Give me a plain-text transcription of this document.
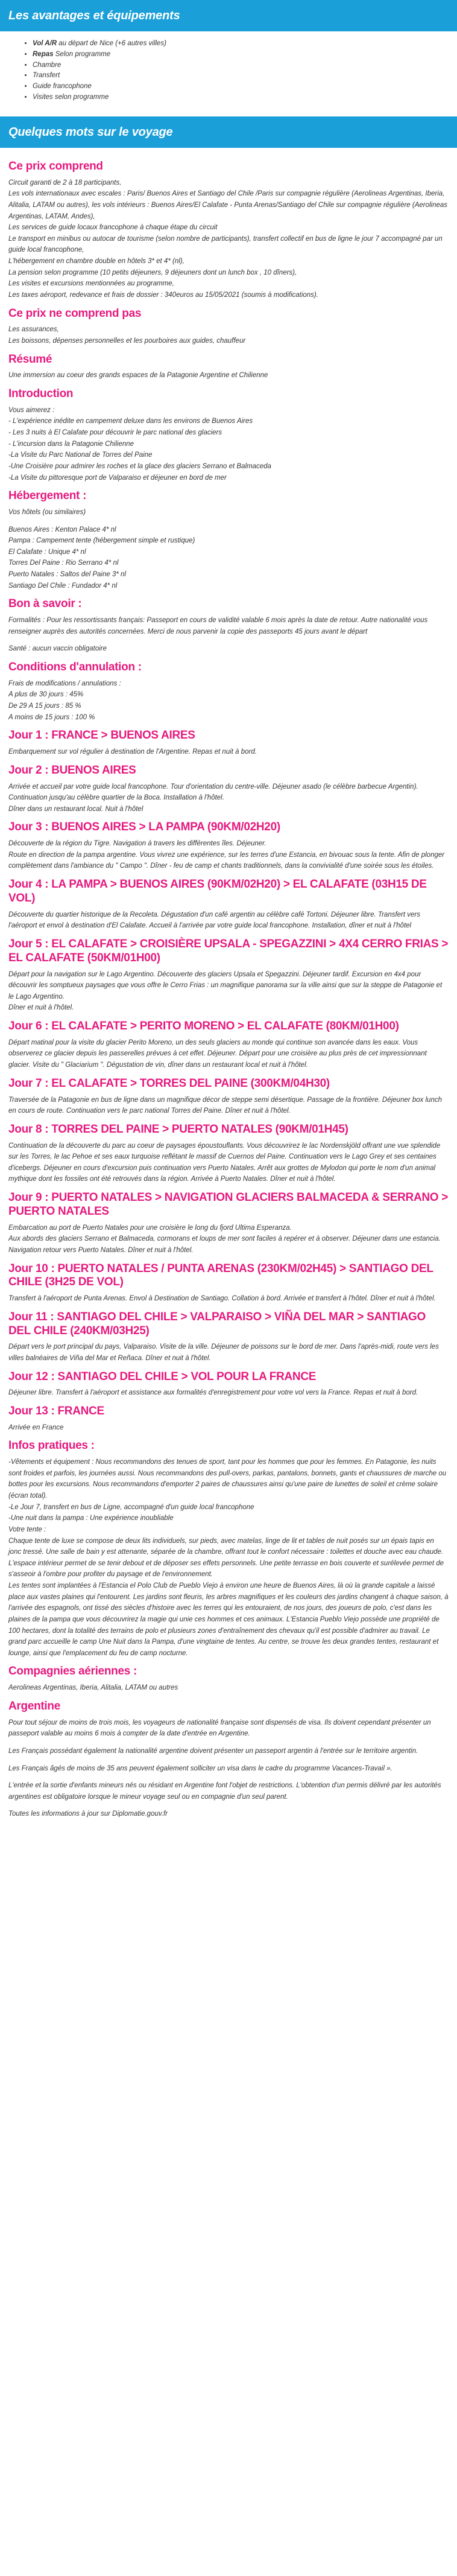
Les avantages et équipements
• Vol A/R au départ de Nice (+6 autres villes)
• Repas Selon programme
• Chambre
• Transfert
• Guide francophone
• Visites selon programme
Quelques mots sur le voyage
Ce prix comprend

Circuit garanti de 2 à 18 participants,
Les vols internationaux avec escales : Paris/ Buenos Aires et Santiago del Chile /Paris sur compagnie régulière (Aerolineas Argentinas, Iberia, Alitalia, LATAM ou autres), les vols intérieurs : Buenos Aires/El Calafate - Punta Arenas/Santiago del Chile sur compagnie régulière (Aerolineas Argentinas, LATAM, Andes),
Les services de guide locaux francophone à chaque étape du circuit
Le transport en minibus ou autocar de tourisme (selon nombre de participants), transfert collectif en bus de ligne le jour 7 accompagné par un guide local francophone,
L'hébergement en chambre double en hôtels 3* et 4* (nl),
La pension selon programme (10 petits déjeuners, 9 déjeuners dont un lunch box , 10 dîners),
Les visites et excursions mentionnées au programme,
Les taxes aéroport, redevance et frais de dossier : 340euros au 15/05/2021 (soumis à modifications).

Ce prix ne comprend pas

Les assurances,
Les boissons, dépenses personnelles et les pourboires aux guides, chauffeur

Résumé

Une immersion au coeur des grands espaces de la Patagonie Argentine et Chilienne

Introduction

Vous aimerez :
- L'expérience inédite en campement deluxe dans les environs de Buenos Aires
- Les 3 nuits à El Calafate pour découvrir le parc national des glaciers
- L'incursion dans la Patagonie Chilienne
-La Visite du Parc National de Torres del Paine
-Une Croisière pour admirer les roches et la glace des glaciers Serrano et Balmaceda
-La Visite du pittoresque port de Valparaiso et déjeuner en bord de mer

Hébergement :

Vos hôtels (ou similaires)

Buenos Aires : Kenton Palace 4* nl
Pampa : Campement tente (hébergement simple et rustique)
El Calafate : Unique 4* nl
Torres Del Paine : Rio Serrano 4* nl
Puerto Natales : Saltos del Paine 3* nl
Santiago Del Chile : Fundador 4* nl

Bon à savoir :

Formalités : Pour les ressortissants français: Passeport en cours de validité valable 6 mois après la date de retour. Autre nationalité vous renseigner auprès des autorités concernées. Merci de nous parvenir la copie des passeports 45 jours avant le départ

Santé : aucun vaccin obligatoire

Conditions d'annulation :

Frais de modifications / annulations :
A plus de 30 jours : 45%
De 29 A 15 jours : 85 %
A moins de 15 jours : 100 %

Jour 1 : FRANCE > BUENOS AIRES

Embarquement sur vol régulier à destination de l'Argentine. Repas et nuit à bord.

Jour 2 : BUENOS AIRES

Arrivée et accueil par votre guide local francophone. Tour d'orientation du centre-ville. Déjeuner asado (le célèbre barbecue Argentin). Continuation jusqu'au célèbre quartier de la Boca. Installation à l'hôtel.
Dîner dans un restaurant local. Nuit à l'hôtel

Jour 3 : BUENOS AIRES > LA PAMPA (90KM/02H20)

Découverte de la région du Tigre. Navigation à travers les différentes îles. Déjeuner.
Route en direction de la pampa argentine. Vous vivrez une expérience, sur les terres d'une Estancia, en bivouac sous la tente. Afin de plonger complètement dans l'ambiance du " Campo ". Dîner - feu de camp et chants traditionnels, dans la convivialité d'une soirée sous les étoiles.

Jour 4 : LA PAMPA > BUENOS AIRES (90KM/02H20) > EL CALAFATE (03H15 DE VOL)

Découverte du quartier historique de la Recoleta. Dégustation d'un café argentin au célèbre café Tortoni. Déjeuner libre. Transfert vers l'aéroport et envol à destination d'El Calafate. Accueil à l'arrivée par votre guide local francophone. Installation, dîner et nuit à l'hôtel

Jour 5 : EL CALAFATE > CROISIÈRE UPSALA - SPEGAZZINI > 4X4 CERRO FRIAS > EL CALAFATE (50KM/01H00)

Départ pour la navigation sur le Lago Argentino. Découverte des glaciers Upsala et Spegazzini. Déjeuner tardif. Excursion en 4x4 pour découvrir les somptueux paysages que vous offre le Cerro Frias : un magnifique panorama sur la ville ainsi que sur la steppe de Patagonie et le Lago Argentino.
Dîner et nuit à l'hôtel.

Jour 6 : EL CALAFATE > PERITO MORENO > EL CALAFATE (80KM/01H00)

Départ matinal pour la visite du glacier Perito Moreno, un des seuls glaciers au monde qui continue son avancée dans les eaux. Vous observerez ce glacier depuis les passerelles prévues à cet effet. Déjeuner. Départ pour une croisière au plus près de cet impressionnant glacier. Visite du " Glaciarium ". Dégustation de vin, dîner dans un restaurant local et nuit à l'hôtel.

Jour 7 : EL CALAFATE > TORRES DEL PAINE (300KM/04H30)

Traversée de la Patagonie en bus de ligne dans un magnifique décor de steppe semi désertique. Passage de la frontière. Déjeuner box lunch en cours de route. Continuation vers le parc national Torres del Paine. Dîner et nuit à l'hôtel.

Jour 8 : TORRES DEL PAINE > PUERTO NATALES (90KM/01H45)

Continuation de la découverte du parc au coeur de paysages époustouflants. Vous découvrirez le lac Nordenskjöld offrant une vue splendide sur les Torres, le lac Pehoe et ses eaux turquoise reflétant le massif de Cuernos del Paine. Continuation vers le Lago Grey et ses centaines d'icebergs. Déjeuner en cours d'excursion puis continuation vers Puerto Natales. Arrêt aux grottes de Mylodon qui porte le nom d'un animal mythique dont les fossiles ont été retrouvés dans la région. Arrivée à Puerto Natales. Dîner et nuit à l'hôtel.

Jour 9 : PUERTO NATALES > NAVIGATION GLACIERS BALMACEDA & SERRANO > PUERTO NATALES

Embarcation au port de Puerto Natales pour une croisière le long du fjord Ultima Esperanza.
Aux abords des glaciers Serrano et Balmaceda, cormorans et loups de mer sont faciles à repérer et à observer. Déjeuner dans une estancia. Navigation retour vers Puerto Natales. Dîner et nuit à l'hôtel.

Jour 10 : PUERTO NATALES / PUNTA ARENAS (230KM/02H45) > SANTIAGO DEL CHILE (3H25 DE VOL)

Transfert à l'aéroport de Punta Arenas. Envol à Destination de Santiago. Collation à bord. Arrivée et transfert à l'hôtel. Dîner et nuit à l'hôtel.

Jour 11 : SANTIAGO DEL CHILE > VALPARAISO > VIÑA DEL MAR > SANTIAGO DEL CHILE (240KM/03H25)

Départ vers le port principal du pays, Valparaiso. Visite de la ville. Déjeuner de poissons sur le bord de mer. Dans l'après-midi, route vers les villes balnéaires de Viña del Mar et Reñaca. Dîner et nuit à l'hôtel.

Jour 12 : SANTIAGO DEL CHILE > VOL POUR LA FRANCE

Déjeuner libre. Transfert à l'aéroport et assistance aux formalités d'enregistrement pour votre vol vers la France. Repas et nuit à bord.

Jour 13 : FRANCE

Arrivée en France

Infos pratiques :

-Vêtements et équipement : Nous recommandons des tenues de sport, tant pour les hommes que pour les femmes. En Patagonie, les nuits sont froides et parfois, les journées aussi. Nous recommandons des pull-overs, parkas, pantalons, bonnets, gants et chaussures de marche ou bottes pour les excursions. Nous recommandons d'emporter 2 paires de chaussures ainsi qu'une paire de lunettes de soleil et crème solaire (écran total).
-Le Jour 7, transfert en bus de Ligne, accompagné d'un guide local francophone
-Une nuit dans la pampa : Une expérience inoubliable
Votre tente :
Chaque tente de luxe se compose de deux lits individuels, sur pieds, avec matelas, linge de lit et tables de nuit posés sur un épais tapis en jonc tressé. Une salle de bain y est attenante, séparée de la chambre, offrant tout le confort nécessaire : toilettes et douche avec eau chaude. L'espace intérieur permet de se tenir debout et de déposer ses effets personnels. Une petite terrasse en bois couverte et surélevée permet de s'asseoir à l'ombre pour profiter du paysage et de l'environnement.
Les tentes sont implantées à l'Estancia el Polo Club de Pueblo Viejo à environ une heure de Buenos Aires, là où la grande capitale a laissé place aux vastes plaines qui l'entourent. Les jardins sont fleuris, les arbres magnifiques et les couleurs des jardins changent à chaque saison, à l'arrivée des espagnols, ont tissé des siècles d'histoire avec les terres qui les entouraient, de nos jours, des joueurs de polo, c'est dans les plaines de la pampa que vous découvrirez la magie qui unie ces hommes et ces animaux. L'Estancia Pueblo Viejo possède une propriété de 100 hectares, dont la totalité des terrains de polo et plusieurs zones d'entraînement des chevaux qu'il est possible d'admirer au travail. Le grand parc accueille le camp Une Nuit dans la Pampa, d'une vingtaine de tentes. Au centre, se trouve les deux grandes tentes, restaurant et lounge, ainsi que l'emplacement du feu de camp nocturne.

Compagnies aériennes :

Aerolineas Argentinas, Iberia, Alitalia, LATAM ou autres

Argentine

Pour tout séjour de moins de trois mois, les voyageurs de nationalité française sont dispensés de visa. Ils doivent cependant présenter un passeport valable au moins 6 mois à compter de la date d'entrée en Argentine.

Les Français possédant également la nationalité argentine doivent présenter un passeport argentin à l'entrée sur le territoire argentin.

Les Français âgés de moins de 35 ans peuvent également solliciter un visa dans le cadre du programme Vacances-Travail ».

L'entrée et la sortie d'enfants mineurs nés ou résidant en Argentine font l'objet de restrictions. L'obtention d'un permis délivré par les autorités argentines est obligatoire lorsque le mineur voyage seul ou en compagnie d'un seul parent.

Toutes les informations à jour sur Diplomatie.gouv.fr
